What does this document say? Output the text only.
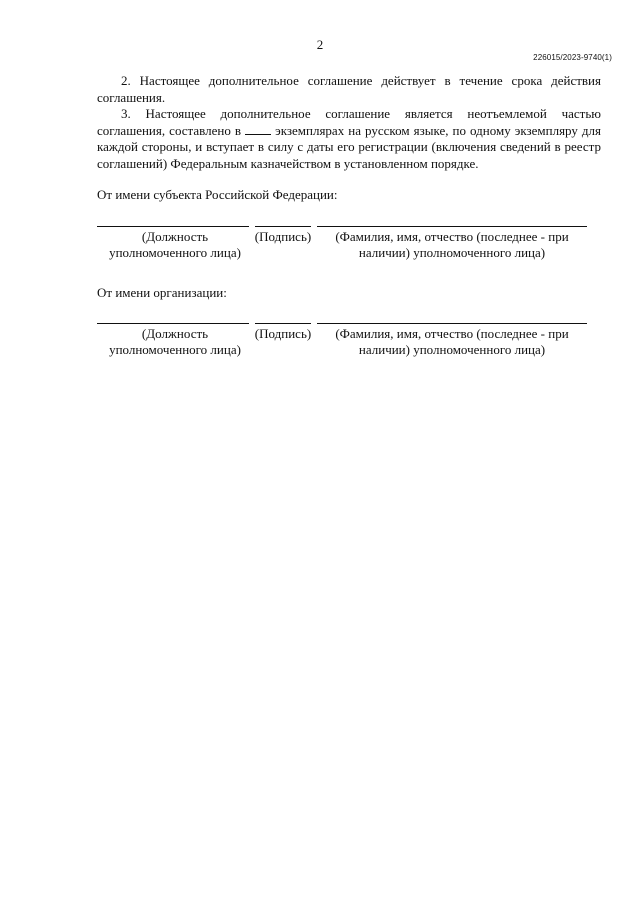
2
226015/2023-9740(1)

2. Настоящее дополнительное соглашение действует в течение срока действия соглашения.

3. Настоящее дополнительное соглашение является неотъемлемой частью соглашения, составлено в	экземплярах на русском языке, по одному экземпляру для каждой стороны, и вступает в силу с даты его регистрации (включения сведений в реестр соглашений) Федеральным казначейством в установленном порядке.

От имени субъекта Российской Федерации:
(Должность уполномоченного лица)
(Подпись)	(Фамилия, имя, отчество (последнее - при наличии) уполномоченного лица)
От имени организации:
(Должность уполномоченного лица)
(Подпись)	(Фамилия, имя, отчество (последнее - при наличии) уполномоченного лица)
